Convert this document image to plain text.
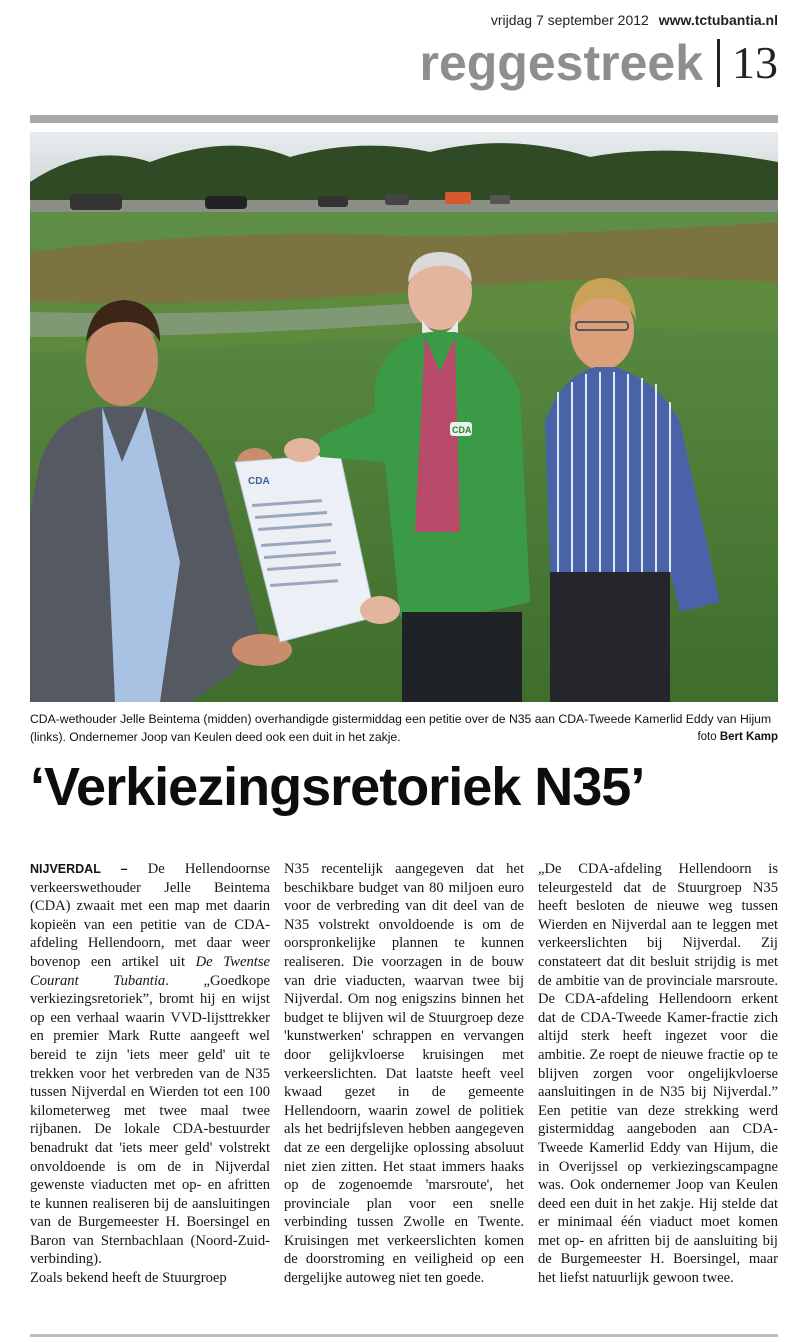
vrijdag 7 september 2012 www.tctubantia.nl
reggestreek 13
CDA
CDA
CDA-wethouder Jelle Beintema (midden) overhandigde gistermiddag een petitie over de N35 aan CDA-Tweede Kamerlid Eddy van Hijum (links). Ondernemer Joop van Keulen deed ook een duit in het zakje.	foto Bert Kamp
‘Verkiezingsretoriek N35’

NIJVERDAL – De Hellendoornse verkeerswethouder Jelle Beintema (CDA) zwaait met een map met daarin kopieën van een petitie van de CDA-afdeling Hellendoorn, met daar weer bovenop een artikel uit De Twentse Courant Tubantia. „Goedkope verkiezingsretoriek”, bromt hij en wijst op een verhaal waarin VVD-lijsttrekker en premier Mark Rutte aangeeft wel bereid te zijn 'iets meer geld' uit te trekken voor het verbreden van de N35 tussen Nijverdal en Wierden tot een 100 kilometerweg met twee maal twee rijbanen. De lokale CDA-bestuurder benadrukt dat 'iets meer geld' volstrekt onvoldoende is om de in Nijverdal gewenste viaducten met op- en afritten te kunnen realiseren bij de aansluitingen van de Burgemeester H. Boersingel en Baron van Sternbachlaan (Noord-Zuid-verbinding).

Zoals bekend heeft de Stuurgroep

N35 recentelijk aangegeven dat het beschikbare budget van 80 miljoen euro voor de verbreding van dit deel van de N35 volstrekt onvoldoende is om de oorspronkelijke plannen te kunnen realiseren. Die voorzagen in de bouw van drie viaducten, waarvan twee bij Nijverdal. Om nog enigszins binnen het budget te blijven wil de Stuurgroep deze 'kunstwerken' schrappen en vervangen door gelijkvloerse kruisingen met verkeerslichten. Dat laatste heeft veel kwaad gezet in de gemeente Hellendoorn, waarin zowel de politiek als het bedrijfsleven hebben aangegeven dat ze een dergelijke oplossing absoluut niet zien zitten. Het staat immers haaks op de zogenoemde 'marsroute', het provinciale plan voor een snelle verbinding tussen Zwolle en Twente. Kruisingen met verkeerslichten komen de doorstroming en veiligheid op een dergelijke autoweg niet ten goede.

„De CDA-afdeling Hellendoorn is teleurgesteld dat de Stuurgroep N35 heeft besloten de nieuwe weg tussen Wierden en Nijverdal aan te leggen met verkeerslichten bij Nijverdal. Zij constateert dat dit besluit strijdig is met de ambitie van de provinciale marsroute. De CDA-afdeling Hellendoorn erkent dat de CDA-Tweede Kamer-fractie zich altijd sterk heeft ingezet voor die ambitie. Ze roept de nieuwe fractie op te blijven zorgen voor ongelijkvloerse aansluitingen in de N35 bij Nijverdal.” Een petitie van deze strekking werd gistermiddag aangeboden aan CDA-Tweede Kamerlid Eddy van Hijum, die in Overijssel op verkiezingscampagne was. Ook ondernemer Joop van Keulen deed een duit in het zakje. Hij stelde dat er minimaal één viaduct moet komen met op- en afritten bij de aansluiting bij de Burgemeester H. Boersingel, maar het liefst natuurlijk gewoon twee.
